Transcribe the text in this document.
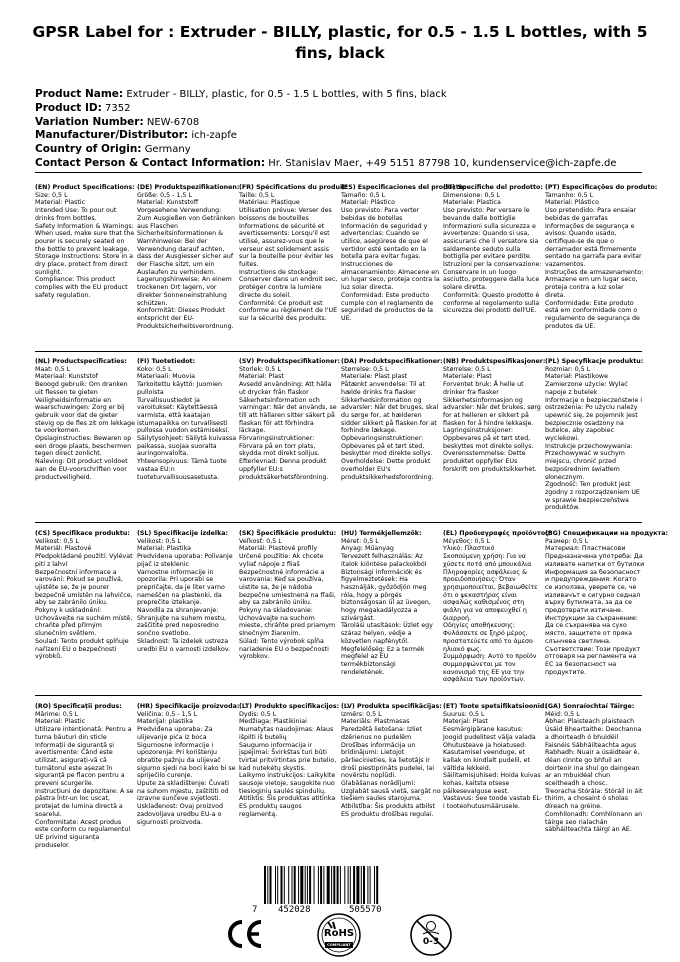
GPSR Label for : Extruder - BILLY, plastic, for 0.5 - 1.5 L bottles, with 5 fins, black
Product Name: Extruder - BILLY, plastic, for 0.5 - 1.5 L bottles, with 5 fins, black
Product ID: 7352
Variation Number: NEW-6708
Manufacturer/Distributor: ich-zapfe
Country of Origin: Germany
Contact Person & Contact Information: Hr. Stanislav Maer, +49 5151 87798 10, kundenservice@ich-zapfe.de
(EN) Product Specifications:
Size: 0,5 L
Material: Plastic
Intended Use: To pour out drinks from bottles.
Safety Information & Warnings: When used, make sure that the pourer is securely seated on the bottle to prevent leakage.
Storage Instructions: Store in a dry place, protect from direct sunlight.
Compliance: This product complies with the EU product safety regulation.
(DE) Produktspezifikationen:
Größe: 0,5 - 1,5 L
Material: Kunststoff
Vorgesehene Verwendung: Zum Ausgießen von Getränken aus Flaschen
Sicherheitsinformationen & Warnhinweise: Bei der Verwendung darauf achten, dass der Ausgiesser sicher auf der Flasche sitzt, um ein Auslaufen zu verhindern.
Lagerungshinweise: An einem trockenen Ort lagern, vor direkter Sonneneinstrahlung schützen.
Konformität: Dieses Produkt entspricht der EU-Produktsicherheitsverordnung.
(FR) Spécifications du produit:
Taille: 0,5 L
Matériau: Plastique
Utilisation prévue: Verser des boissons de bouteilles
Informations de sécurité et avertissements: Lorsqu'il est utilisé, assurez-vous que le verseur est solidement assis sur la bouteille pour éviter les fuites.
Instructions de stockage: Conserver dans un endroit sec, protéger contre la lumière directe du soleil.
Conformité: Ce produit est conforme au règlement de l'UE sur la sécurité des produits.
(ES) Especificaciones del producto:
Tamaño: 0,5 L
Material: Plástico
Uso previsto: Para verter bebidas de botellas
Información de seguridad y advertencias: Cuando se utilice, asegúrese de que el vertidor esté sentado en la botella para evitar fugas.
Instrucciones de almacenamiento: Almacene en un lugar seco, proteja contra la luz solar directa.
Conformidad: Este producto cumple con el reglamento de seguridad de productos de la UE.
(IT) Specifiche del prodotto:
Dimensione: 0,5 L
Materiale: Plastica
Uso previsto: Per versare le bevande dalle bottiglie
Informazioni sulla sicurezza e avvertenze: Quando si usa, assicurarsi che il versatore sia saldamente seduto sulla bottiglia per evitare perdite.
Istruzioni per la conservazione: Conservare in un luogo asciutto, proteggere dalla luce solare diretta.
Conformità: Questo prodotto è conforme al regolamento sulla sicurezza dei prodotti dell'UE.
(PT) Especificações do produto:
Tamanho: 0,5 L
Material: Plástico
Uso pretendido: Para ensaiar bebidas de garrafas
Informações de segurança e avisos: Quando usado, certifique-se de que o derramador está firmemente sentado na garrafa para evitar vazamentos.
Instruções de armazenamento: Armazene em um lugar seco, proteja contra a luz solar direta.
Conformidade: Este produto está em conformidade com o regulamento de segurança de produtos da UE.
(NL) Productspecificaties:
Maat: 0,5 L
Materiaal: Kunststof
Beoogd gebruik: Om dranken uit flessen te gieten
Veiligheidsinformatie en waarschuwingen: Zorg er bij gebruik voor dat de gieter stevig op de fles zit om lekkage te voorkomen.
Opslaginstructies: Bewaren op een droge plaats, beschermen tegen direct zonlicht.
Naleving: Dit product voldoet aan de EU-voorschriften voor productveiligheid.
(FI) Tuotetiedot:
Koko: 0,5 L
Materiaali: Muovia
Tarkoitettu käyttö: Juomien pulloista
Turvallisuustiedot ja varoitukset: Käytettäessä varmista, että kaatajan istumapaikka on turvallisesti pullossa vuodon estämiseksi.
Säilytysohjeet: Säilytä kuivassa paikassa, suojaa suoralta auringonvalolta.
Yhteensopivuus: Tämä tuote vastaa EU:n tuoteturvallisuusasetusta.
(SV) Produktspecifikationer:
Storlek: 0,5 L
Material: Plast
Avsedd användning: Att hälla ut drycker från flaskor
Säkerhetsinformation och varningar: När det används, se till att hällaren sitter säkert på flaskan för att förhindra läckage.
Förvaringsinstruktioner: Förvara på en torr plats, skydda mot direkt solljus.
Efterlevnad: Denna produkt uppfyller EU:s produktsäkerhetsförordning.
(DA) Produktspecifikationer:
Størrelse: 0,5 L
Materiale: Plast plast
Påtænkt anvendelse: Til at hælde drinks fra flasker
Sikkerhedsinformation og advarsler: Når det bruges, skal du sørge for, at hælderen sidder sikkert på flasken for at forhindre lækage.
Opbevaringsinstruktioner: Opbevares på et tørt sted, beskytter mod direkte sollys.
Overholdelse: Dette produkt overholder EU's produktsikkerhedsforordning.
(NB) Produktspesifikasjoner:
Størrelse: 0,5 L
Materiale: Plast
Forventet bruk: Å helle ut drinker fra flasker
Sikkerhetsinformasjon og advarsler: Når det brukes, sørg for at helleren er sikkert på flasken for å hindre lekkasje.
Lagringsinstruksjoner: Oppbevares på et tørt sted, beskyttes mot direkte sollys.
Overensstemmelse: Dette produktet oppfyller EUs forskrift om produktsikkerhet.
(PL) Specyfikacje produktu:
Rozmiar: 0,5 L
Materiał: Plastikowe
Zamierzone użycie: Wylać napoje z butelek
Informacje o bezpieczeństwie i ostrzeżenia: Po użyciu należy upewnić się, że pojemnik jest bezpiecznie osadzony na butelce, aby zapobiec wyciekowi.
Instrukcje przechowywania: Przechowywać w suchym miejscu, chronić przed bezpośrednim światłem słonecznym.
Zgodność: Ten produkt jest zgodny z rozporządzeniem UE w sprawie bezpieczeństwa produktów.
(CS) Specifikace produktu:
Velikost: 0,5 L
Materiál: Plastové
Předpokládané použití: Vylévat pití z lahví
Bezpečnostní informace a varování: Pokud se používá, ujistěte se, že je pourer bezpečně umístěn na lahvičce, aby se zabránilo úniku.
Pokyny k uskladnění: Uchovávejte na suchém místě, chraňte před přímým slunečním světlem.
Soulad: Tento produkt splňuje nařízení EU o bezpečnosti výrobků.
(SL) Specifikacije izdelka:
Velikost: 0,5 L
Material: Plastika
Predvidena uporaba: Polivanje pijač iz steklenic
Varnostne informacije in opozorila: Pri uporabi se prepričajte, da je liter varno nameščen na plastenki, da preprečite iztekanje.
Navodila za shranjevanje: Shranjujte na suhem mestu, zaščitite pred neposredno sončno svetlobo.
Skladnost: Ta izdelek ustreza uredbi EU o varnosti izdelkov.
(SK) Špecifikácie produktu:
Veľkosť: 0,5 L
Materiál: Plastové profily
Určené použitie: Ak chcete vyliať nápoje z fliaš
Bezpečnostné informácie a varovania: Keď sa používa, uistite sa, že je nádoba bezpečne umiestnená na fľaši, aby sa zabránilo úniku.
Pokyny na skladovanie: Uchovávajte na suchom mieste, chráňte pred priamym slnečným žiarením.
Súlad: Tento výrobok spĺňa nariadenie EU o bezpečnosti výrobkov.
(HU) Termékjellemzők:
Méret: 0,5 L
Anyag: Műanyag
Tervezett felhasználás: Az italok kiöntése palackokból
Biztonsági információk és figyelmeztetések: Ha használják, győződjön meg róla, hogy a pörgés biztonságosan ül az üvegen, hogy megakadályozza a szivárgást.
Tárolási utasítások: Üzlet egy száraz helyen, védje a közvetlen napfénytől.
Megfelelőség: Ez a termék megfelel az EU termékbiztonsági rendeletének.
(EL) Προδιαγραφές προϊόντος:
Μέγεθος: 0,5 L
Υλικό: Πλαστικό
Σκοπούμενη χρήση: Για να χύσετε ποτά από μπουκάλια
Πληροφορίες ασφάλειας & προειδοποιήσεις: Όταν χρησιμοποιείται, βεβαιωθείτε ότι ο ψεκαστήρας είναι ασφαλώς καθισμένος στη φιάλη για να αποφευχθεί η διαρροή.
Οδηγίες αποθήκευσης: Φυλάσσετε σε ξηρό μέρος, προστατεύετε από το άμεσο ηλιακό φως.
Συμμόρφωση: Αυτό το προϊόν συμμορφώνεται με τον κανονισμό της ΕΕ για την ασφάλεια των προϊόντων.
(BG) Спецификации на продукта:
Размер: 0,5 L
Материал: Пластмасови
Предназначена употреба: Да изливате напитки от бутилки
Информация за безопасност и предупреждения: Когато се използва, уверете се, че изливачът е сигурно седнал върху бутилката, за да се предотврати изтичане.
Инструкции за съхранение: Да се съхранява на сухо място, защитете от пряка слънчева светлина.
Съответствие: Този продукт отговаря на регламента на ЕС за безопасност на продуктите.
(RO) Specificații produs:
Mărime: 0,5 L
Material: Plastic
Utilizare intenționată: Pentru a turna băuturi din sticle
Informații de siguranță și avertismente: Când este utilizat, asigurați-vă că turnătorul este așezat în siguranță pe flacon pentru a preveni scurgerile.
Instrucțiuni de depozitare: A se păstra într-un loc uscat, protejat de lumina directă a soarelui.
Conformitate: Acest produs este conform cu regulamentul UE privind siguranța produselor.
(HR) Specifikacije proizvoda:
Veličina: 0,5 - 1,5 L
Materijal: plastika
Predviđena uporaba: Za ulijevanje pića iz boca
Sigurnosne informacije i upozorenja: Pri korištenju obratite pažnju da ulijevač sigurno sjedi na boci kako bi se spriječilo curenje.
Upute za skladištenje: Čuvati na suhom mjestu, zaštititi od izravne sunčeve svjetlosti.
Usklađenost: Ovaj proizvod zadovoljava uredbu EU-a o sigurnosti proizvoda.
(LT) Produkto specifikacijos:
Dydis: 0,5 L
Medžiaga: Plastikiniai
Numatytas naudojimas: Alaus išpilti iš butelių
Saugumo informacija ir įspėjimai: Švirkštas turi būti tvirtai pritvirtintas prie butelio, kad nutekėtų skystis.
Laikymo instrukcijos: Laikykite sausoje vietoje, saugokite nuo tiesioginių saulės spindulių.
Atitiktis: Šis produktas atitinka ES produktų saugos reglamentą.
(LV) Produkta specifikācijas:
Izmērs: 0,5 L
Materiāls: Plastmasas
Paredzētā lietošana: Izliet dzērienus no pudelēm
Drošības informācija un brīdinājumi: Lietojot pārliecinieties, ka lietotājs ir droši piestiprināts pudelei, lai novērstu noplūdi.
Glabāšanas norādījumi: Uzglabāt sausā vietā, sargāt no tiešiem saules starojuma.
Atbilstība: Šis produkts atbilst ES produktu drošības regulai.
(ET) Toote spetsifikatsioonid:
Suurus: 0,5 L
Materjal: Plast
Eesmärgipärane kasutus: Joogid pudelitest välja valada
Ohutusteave ja hoiatused: Kasutamisel veenduge, et kallak on kindlalt pudelil, et vältida lekkeid.
Säilitamisjuhised: Hoida kuivas kohas, kaitsta otsese päikesevalguse eest.
Vastavus: See toode vastab EL-i tooteohutusmäärusele.
(GA) Sonraíochtaí Táirge:
Méid: 0,5 L
Ábhar: Plaisteach plaisteach
Úsáid Bheartaithe: Deochanna a dhoirteadh ó bhuidéil
Faisnéis Sábháilteachta agus Rabhadh: Nuair a úsáidtear é, déan cinnte go bhfuil an doirteoir ina shuí go daingean ar an mbuidéal chun sceitheadh a chosc.
Treoracha Stórála: Stóráil in áit thirim, a chosaint ó sholas díreach na gréine.
Comhlíonadh: Comhlíonann an táirge seo rialachán sábháilteachta táirgí an AE.
7 452028	505570
RoHS
COMPLIANT	0-3
